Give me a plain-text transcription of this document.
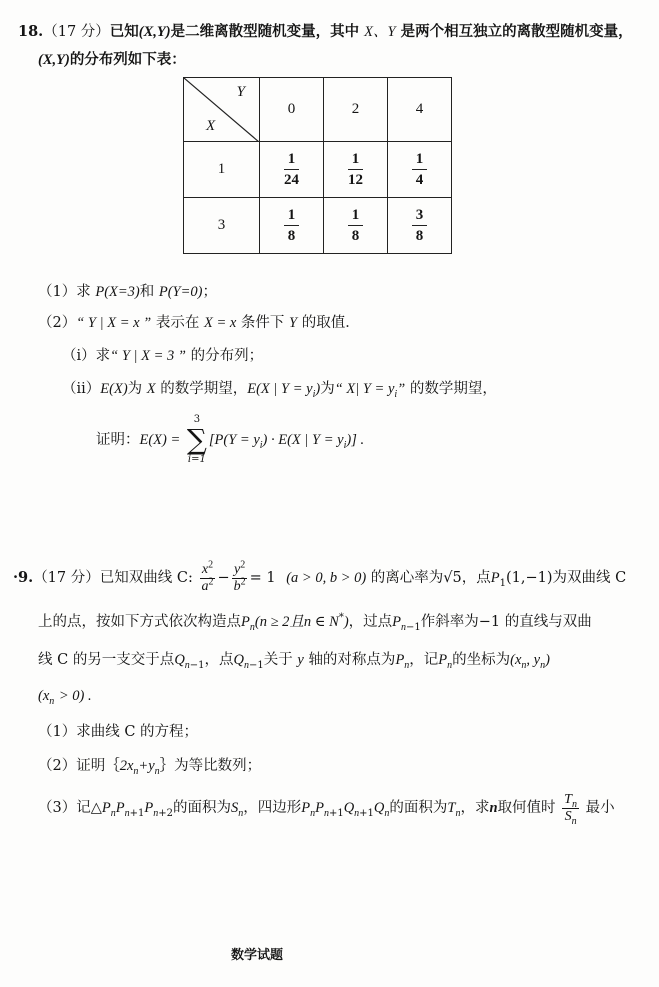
18.（17 分）已知(X,Y)是二维离散型随机变量，其中 X、Y 是两个相互独立的离散型随机变量，
(X,Y)的分布列如下表：
Y
X	0	2	4
1	$\frac{1}{24}$	$\frac{1}{12}$	$\frac{1}{4}$

3	$\frac{1}{8}$	$\frac{1}{8}$	$\frac{3}{8}$
（1）求 P(X=3)和 P(Y=0)；
（2）“ Y | X = x ” 表示在 X = x 条件下 Y 的取值．
（i）求“ Y | X = 3 ” 的分布列；
（ii）E(X)为 X 的数学期望，E(X | $Y = y_i$)为“ X| $Y = y_i$” 的数学期望，
证明：E(X) =
3
∑
i=1
[$P(Y = y_i) \cdot E(X$ | $Y = y_i$)] .
·9.（17 分）已知双曲线 C: $\frac{x^2}{a^2} - \frac{y^2}{b^2} = 1$ (a > 0, b > 0) 的离心率为√5，点$P_1(1,-1)$为双曲线 C
上的点，按如下方式依次构造点$P_n(n \ge 2$且n ∈ N*)，过点$P_{n-1}$作斜率为−1 的直线与双曲
线 C 的另一支交于点$Q_{n-1}$，点$Q_{n-1}$关于 y 轴的对称点为$P_n$，记$P_n$的坐标为($x_n$, $y_n$)
$(x_n > 0)$ .
（1）求曲线 C 的方程；
（2）证明$\{2x_n+y_n\}$为等比数列；
（3）记$\triangle P_nP_{n+1}P_{n+2}$的面积为$S_n$，四边形$P_nP_{n+1}Q_{n+1}Q_n$的面积为$T_n$，求n取何值时 $\frac{T_n}{S_n}$ 最小
数学试题
